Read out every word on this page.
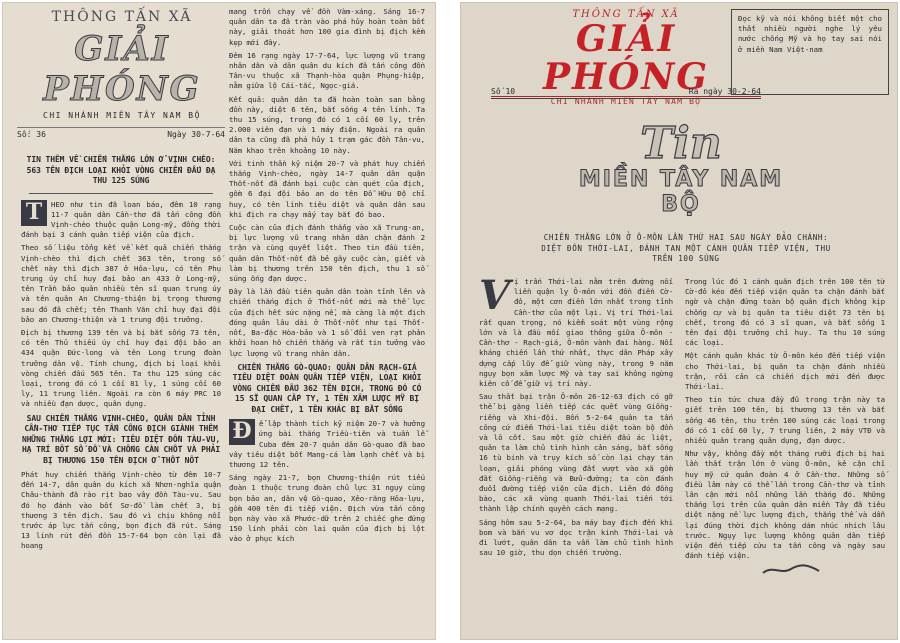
THÔNG TẤN XÃ
GIẢI PHÓNG
CHI NHÁNH MIỀN TÂY NAM BỘ
Số: 36	Ngày 30-7-64
TIN THÊM VỀ CHIẾN THẮNG LỚN Ở VỊNH CHÈO: 563 TÊN ĐỊCH LOẠI KHỎI VÒNG CHIẾN ĐẤU ĐẠ THU 125 SÚNG

T	HEO như tin đã loan báo, đêm 10 rạng 11-7 quân dân Cần-thơ đã tấn công đồn Vịnh-chèo thuộc quận Long-mỹ, đồng thời đánh bại 3 cánh quân tiếp viện của địch.

Theo số liệu tổng kết về kết quả chiến thắng Vịnh-chèo thì địch chết 363 tên, trong số chết này thì địch 387 ở Hỏa-lựu, có tên Phụ trung úy chỉ huy đại bảo an 433 ở Long-mỹ, tên Trần bảo quân nhiều tên sĩ quan trung úy và tên quân An Chương-thiện bị trọng thương sau đó đã chết; tên Thanh Văn chỉ huy đại đội bảo an Chương-thiện và 1 trung đội trưởng.

Địch bị thương 139 tên và bị bắt sống 73 tên, có tên Thủ thiếu úy chỉ huy đại đội bảo an 434 quận Đức-long và tên Long trung đoàn trưởng dân vệ. Tính chung, địch bị loại khỏi vòng chiến đấu 565 tên. Ta thu 125 súng các loại, trong đó có 1 cối 81 ly, 1 súng cối 60 ly, 11 trung liên. Ngoài ra còn 6 máy PRC 10 và nhiều đạn dược, quân dụng.

SAU CHIẾN THẮNG VỊNH-CHÈO, QUÂN DÂN TỈNH CẦN-THƠ TIẾP TỤC TẤN CÔNG ĐỊCH GIÀNH THÊM NHỮNG THẮNG LỢI MỚI: TIÊU DIỆT ĐỒN TÀU-VU, HẠ TRÍ BỐT SỐ ĐỒ VÀ CHỐNG CÀN CHỐT VÀ PHẢI BỊ THƯƠNG 150 TÊN ĐỊCH Ở THỐT NỐT

Phát huy chiến thắng Vịnh-chèo từ đêm 10-7 đến 14-7, dân quân du kích xã Nhơn-nghĩa quận Châu-thành đã rào rịt bao vây đồn Tàu-vu. Sau đó họ đánh vào bốt Sơ-đồ làm chết 3, bị thương 3 tên địch. Sau đó vì chịu không nổi trước áp lực tấn công, bọn địch đã rút. Sáng 13 lính rút đến đồn 15-7-64 bọn còn lại đã hoang

mang trốn chạy về đồn Vàm-xáng. Sáng 16-7 quân dân ta đã tràn vào phá hủy hoàn toàn bốt này, giải thoát hơn 100 gia đình bị địch kềm kẹp mới đây.

Đêm 16 rạng ngày 17-7-64, lực lượng vũ trang nhân dân và dân quân du kích đã tấn công đồn Tân-vu thuộc xã Thạnh-hòa quận Phụng-hiệp, nằm giữa lộ Cái-tắc, Ngọc-giá.

Kết quả: quân dân ta đã hoàn toàn san bằng đồn này, diệt 6 tên, bắt sống 4 tên lính. Ta thu 15 súng, trong đó có 1 cối 60 ly, trên 2.000 viên đạn và 1 máy điện. Ngoài ra quân dân ta cũng đã phá hủy 1 trạm gác đồn Tân-vu, Năm khao trên khoảng 10 này.

Với tinh thần kỷ niệm 20-7 và phát huy chiến thắng Vịnh-chèo, ngày 14-7 quân dân quận Thốt-nốt đã đánh bại cuộc càn quét của địch, gồm 6 đại đội bảo an do tên Đỗ Hữu Độ chỉ huy, có tên lính tiêu diệt và quân dân sau khi địch ra chạy mấy tay bắt đó bao.

Cuộc càn của địch đánh thẳng vào xã Trung-an, bị lực lượng vũ trang nhân dân chặn đánh 2 trận và cùng quyết liệt. Theo tin đầu tiên, quân dân Thốt-nốt đã bẻ gãy cuộc càn, giết và làm bị thương trên 150 tên địch, thu 1 số súng ống đạn dược.

Đây là lần đầu tiên quân dân toàn tỉnh lên và chiến thắng địch ở Thốt-nốt mới mà thế lực của địch hết sức nặng nề, mà càng là một địch đóng quân lâu dài ở Thốt-nốt như tại Thốt-nốt, Ba-đặc Hòa-bảo và 1 số đồi ven rạt phản khởi hoan hô chiến thắng và rất tin tưởng vào lực lượng vũ trang nhân dân.

CHIẾN THẮNG GÒ-QUAO: QUÂN DÂN RẠCH-GIÁ TIÊU DIỆT ĐOÀN QUÂN TIẾP VIỆN, LOẠI KHỎI VÒNG CHIẾN ĐẤU 362 TÊN ĐỊCH, TRONG ĐÓ CÓ 15 SĨ QUAN CẤP TY, 1 TÊN XÂM LƯỢC MỸ BỊ ĐẠI CHẾT, 1 TÊN KHÁC BỊ BẮT SỐNG

Đ	ể lập thành tích kỷ niệm 20-7 và hưởng ứng bài thắng Triều-tiên và tuần lễ Cuba đêm 20-7 quân dân Gò-quao đã bao vây tiêu diệt bốt Mang-cá làm lạnh chết và bị thương 12 tên.

Sáng ngày 21-7, bọn Chương-thiện rút tiếu đoàn 1 thuộc trung đoàn chủ lực 31 ngụy cùng bọn bảo an, dân vệ Gò-quao, Xẻo-răng Hỏa-lựu, gồm 400 tên đi tiếp viện. Địch vừa tấn công bọn này vào xã Phước-dữ trên 2 chiếc ghe đứng 150 lính phải còn lai quân của địch bị lột vào ở phục kích

THÔNG TẤN XÃ
GIẢI PHÓNG
CHI NHÁNH MIỀN TÂY NAM BỘ
Số 10	Ra ngày 30-2-64
Đọc kỹ và nói không biết một cho thất nhiều người nghe lý yêu nước chống Mỹ và họ tay sai nói ở miền Nam Việt-nam
Tin
MIỀN TÂY NAM BỘ
CHIẾN THẮNG LỚN Ở Ô-MÔN LẦN THỨ HAI SAU NGÀY ĐẢO CHÁNH: DIỆT ĐỒN THỚI-LAI, ĐÁNH TAN MỘT CÁNH QUÂN TIẾP VIỆN, THU TRÊN 100 SÚNG

Vị trấn Thới-lai nằm trên đường nối liền quận lỵ Ô-môn với đồn điền Cờ-đỏ, một cơn điền lớn nhất trong tỉnh Cần-thơ của một lại. Vị trí Thới-lai rất quan trọng, nó kiểm soát một vùng rộng lớn và là đầu mối giao thông giữa Ô-môn - Cần-thơ - Rạch-giá, Ô-môn vành đai hàng. Nổi kháng chiến lần thứ nhất, thực dân Pháp xây dựng cấp lũy để giữ vùng này, trong 9 năm ngụy bọn xâm lược Mỹ và tay sai không ngừng kiên cố để giữ vị trí này.

Sau thất bại trận Ô-môn 26-12-63 địch có gỡ thể bị gặng liền tiếp các quết vùng Giồng-riềng và Xhi-đội. Bốn 5-2-64 quân ta tấn công cứ điểm Thới-lai tiêu diệt toàn bộ đồn và lô cốt. Sau một giờ chiến đấu ác liệt, quân ta làm chủ tình hình cản sáng, bắt sống 16 tù binh và trụy kích số còn lại chạy tán loạn, giải phóng vùng đất vượt vào xã gồm đất Giồng-riềng và Bửu-đường; ta còn đánh đuổi đường tiếp viện của địch. Liên đó đồng bào, các xã vùng quanh Thới-lai tiến tới thành lập chính quyền cách mạng.

Sáng hôm sau 5-2-64, ba máy bay địch đến khi bom và bắn vu vơ dọc trận kinh Thới-lai và đi lướt, quân dân ta vẫn làm chủ tình hình sau 10 giờ, thu dọn chiến trường.

Trong lúc đó 1 cánh quân địch trên 100 tên từ Cờ-đỏ kéo đến tiếp viện quân ta chặn đánh bắt ngờ và chặn đứng toàn bộ quân địch không kịp chống cự và bị quân ta tiêu diệt 73 tên bị chết, trong đó có 3 sĩ quan, và bắt sống 1 tên đại đội trưởng chỉ huy. Ta thu 10 súng các loại.

Một cánh quân khác từ Ô-môn kéo đến tiếp viện cho Thới-lai, bị quân ta chặn đánh nhiều trận, rồi cản cá chiến dịch mới đến được Thới-lai.

Theo tin tức chưa đầy đủ trong trận này ta giết trên 100 tên, bị thương 13 tên và bắt sống 46 tên, thu trên 100 súng các loại trong đó có 1 cối 60 ly, 7 trung liên, 2 máy VTĐ và nhiều quân trang quân dụng, đạn dược.

Như vậy, không đầy một tháng rưỡi địch bị hai lần thất trận lớn ở vùng Ô-môn, kẻ cận chỉ huy mỹ cứ quân đoàn 4 ở Cần-thơ. Những số điều lâm này có thể lần trong Cần-thơ và tỉnh lân cận mới nổi những lần thắng đó. Những thắng lợi trên của quân dân miền Tây đã tiêu diệt nặng nề lực lượng địch, thắng thế và dẫn lại đúng thời địch không dám nhúc nhích lâu trước. Ngụy lực lượng không quân dân tiếp viện đến tiếp cứu ta tấn công và ngày sau đánh tiếp viện.
